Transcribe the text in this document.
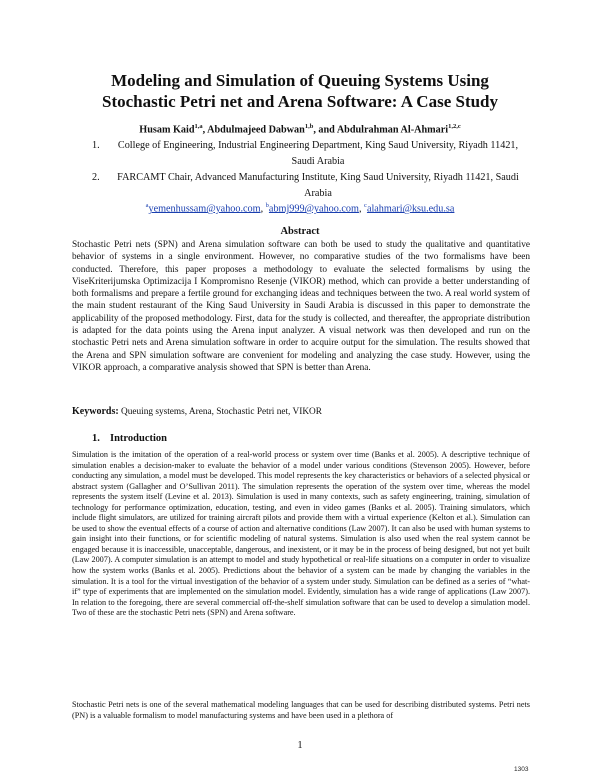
Modeling and Simulation of Queuing Systems Using
Stochastic Petri net and Arena Software: A Case Study
Husam Kaid$^{1,a}$, Abdulmajeed Dabwan$^{1,b}$, and Abdulrahman Al-Ahmari$^{1,2,c}$
1.	College of Engineering, Industrial Engineering Department, King Saud University, Riyadh 11421, Saudi Arabia
2.	FARCAMT Chair, Advanced Manufacturing Institute, King Saud University, Riyadh 11421, Saudi Arabia
$^a$yemenhussam@yahoo.com, $^b$abmj999@yahoo.com, $^c$alahmari@ksu.edu.sa
Abstract
Stochastic Petri nets (SPN) and Arena simulation software can both be used to study the qualitative and quantitative behavior of systems in a single environment. However, no comparative studies of the two formalisms have been conducted. Therefore, this paper proposes a methodology to evaluate the selected formalisms by using the ViseKriterijumska Optimizacija I Kompromisno Resenje (VIKOR) method, which can provide a better understanding of both formalisms and prepare a fertile ground for exchanging ideas and techniques between the two. A real world system of the main student restaurant of the King Saud University in Saudi Arabia is discussed in this paper to demonstrate the applicability of the proposed methodology. First, data for the study is collected, and thereafter, the appropriate distribution is adapted for the data points using the Arena input analyzer. A visual network was then developed and run on the stochastic Petri nets and Arena simulation software in order to acquire output for the simulation. The results showed that the Arena and SPN simulation software are convenient for modeling and analyzing the case study. However, using the VIKOR approach, a comparative analysis showed that SPN is better than Arena.
Keywords: Queuing systems, Arena, Stochastic Petri net, VIKOR
1. Introduction
Simulation is the imitation of the operation of a real-world process or system over time (Banks et al. 2005). A descriptive technique of simulation enables a decision-maker to evaluate the behavior of a model under various conditions (Stevenson 2005). However, before conducting any simulation, a model must be developed. This model represents the key characteristics or behaviors of a selected physical or abstract system (Gallagher and O’Sullivan 2011). The simulation represents the operation of the system over time, whereas the model represents the system itself (Levine et al. 2013). Simulation is used in many contexts, such as safety engineering, training, simulation of technology for performance optimization, education, testing, and even in video games (Banks et al. 2005). Training simulators, which include flight simulators, are utilized for training aircraft pilots and provide them with a virtual experience (Kelton et al.). Simulation can be used to show the eventual effects of a course of action and alternative conditions (Law 2007). It can also be used with human systems to gain insight into their functions, or for scientific modeling of natural systems. Simulation is also used when the real system cannot be engaged because it is inaccessible, unacceptable, dangerous, and inexistent, or it may be in the process of being designed, but not yet built (Law 2007). A computer simulation is an attempt to model and study hypothetical or real-life situations on a computer in order to visualize how the system works (Banks et al. 2005). Predictions about the behavior of a system can be made by changing the variables in the simulation. It is a tool for the virtual investigation of the behavior of a system under study. Simulation can be defined as a series of “what-if” type of experiments that are implemented on the simulation model. Evidently, simulation has a wide range of applications (Law 2007). In relation to the foregoing, there are several commercial off-the-shelf simulation software that can be used to develop a simulation model. Two of these are the stochastic Petri nets (SPN) and Arena software.
Stochastic Petri nets is one of the several mathematical modeling languages that can be used for describing distributed systems. Petri nets (PN) is a valuable formalism to model manufacturing systems and have been used in a plethora of
1
1303
